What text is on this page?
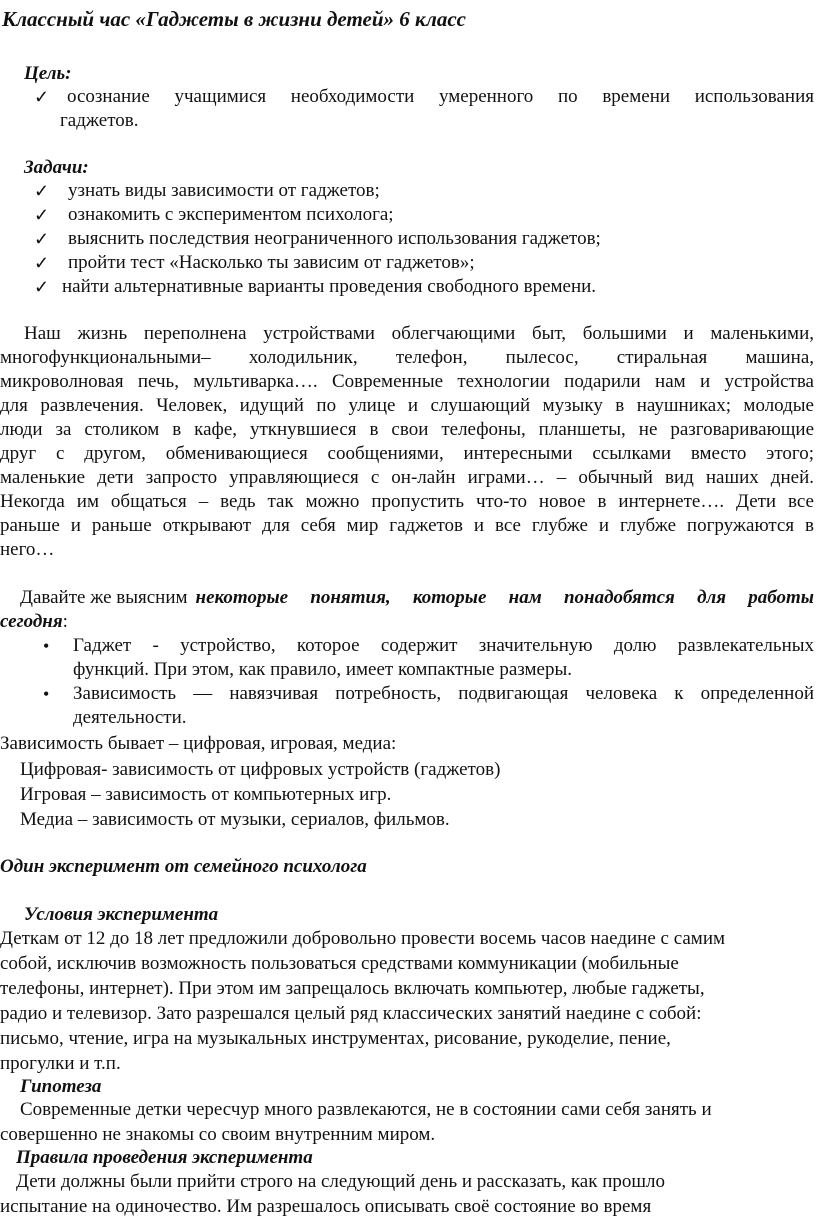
Классный час «Гаджеты в жизни детей» 6 класс
Цель:
✓ осознание учащимися необходимости умеренного по времени использования
гаджетов.
Задачи:
✓ узнать виды зависимости от гаджетов;
✓ ознакомить с экспериментом психолога;
✓ выяснить последствия неограниченного использования гаджетов;
✓ пройти тест «Насколько ты зависим от гаджетов»;
✓ найти альтернативные варианты проведения свободного времени.
Наш жизнь переполнена устройствами облегчающими быт, большими и маленькими,
многофункциональными– холодильник, телефон, пылесос, стиральная машина,
микроволновая печь, мультиварка…. Современные технологии подарили нам и устройства
для развлечения. Человек, идущий по улице и слушающий музыку в наушниках; молодые
люди за столиком в кафе, уткнувшиеся в свои телефоны, планшеты, не разговаривающие
друг с другом, обменивающиеся сообщениями, интересными ссылками вместо этого;
маленькие дети запросто управляющиеся с он-лайн играми… – обычный вид наших дней.
Некогда им общаться – ведь так можно пропустить что-то новое в интернете…. Дети все
раньше и раньше открывают для себя мир гаджетов и все глубже и глубже погружаются в
него…
Давайте же выясним некоторые понятия, которые нам понадобятся для работы
сегодня:
• Гаджет - устройство, которое содержит значительную долю развлекательных
функций. При этом, как правило, имеет компактные размеры.
• Зависимость — навязчивая потребность, подвигающая человека к определенной
деятельности.
Зависимость бывает – цифровая, игровая, медиа:
Цифровая- зависимость от цифровых устройств (гаджетов)
Игровая – зависимость от компьютерных игр.
Медиа – зависимость от музыки, сериалов, фильмов.
Один эксперимент от семейного психолога
Условия эксперимента
Деткам от 12 до 18 лет предложили добровольно провести восемь часов наедине с самим
собой, исключив возможность пользоваться средствами коммуникации (мобильные
телефоны, интернет). При этом им запрещалось включать компьютер, любые гаджеты,
радио и телевизор. Зато разрешался целый ряд классических занятий наедине с собой:
письмо, чтение, игра на музыкальных инструментах, рисование, рукоделие, пение,
прогулки и т.п.
Гипотеза
Современные детки чересчур много развлекаются, не в состоянии сами себя занять и
совершенно не знакомы со своим внутренним миром.
Правила проведения эксперимента
Дети должны были прийти строго на следующий день и рассказать, как прошло
испытание на одиночество. Им разрешалось описывать своё состояние во время
